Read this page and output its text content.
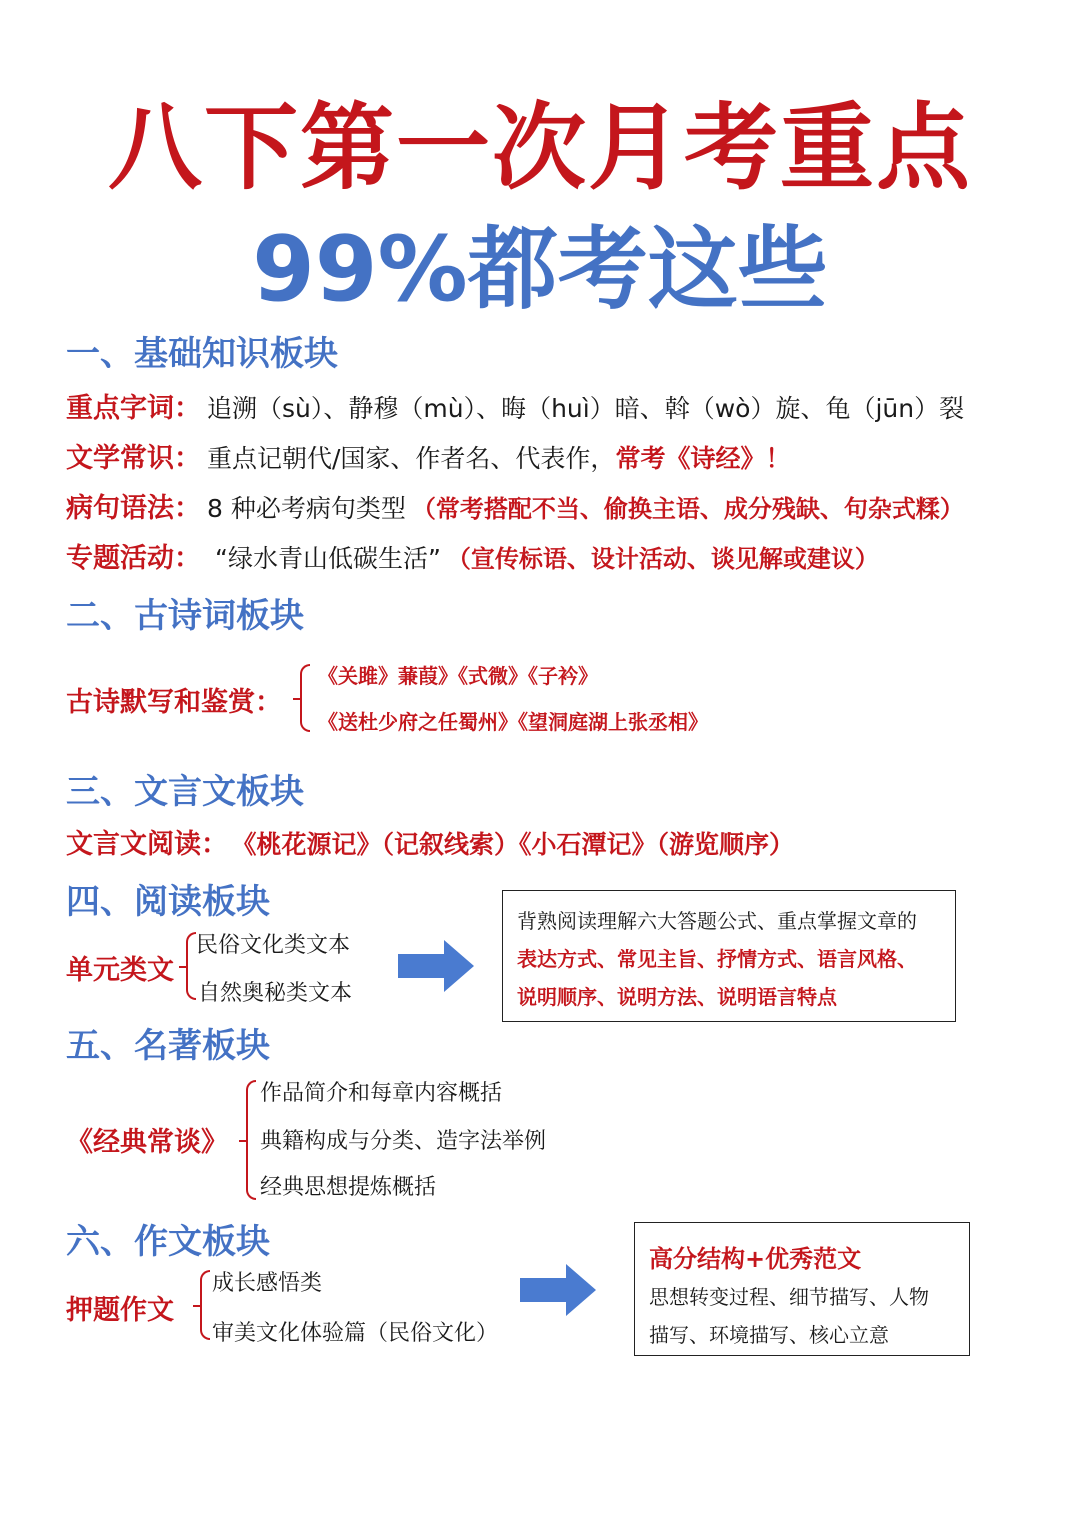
八下第一次月考重点
99%都考这些
一、基础知识板块
重点字词： 追溯（sù）、静穆（mù）、晦（huì）暗、斡（wò）旋、龟（jūn）裂
文学常识： 重点记朝代/国家、作者名、代表作，常考《诗经》！
病句语法： 8 种必考病句类型 （常考搭配不当、偷换主语、成分残缺、句杂式糅）
专题活动： “绿水青山低碳生活” （宣传标语、设计活动、谈见解或建议）
二、古诗词板块
古诗默写和鉴赏：
《关雎》蒹葭》《式微》《子衿》
《送杜少府之任蜀州》《望洞庭湖上张丞相》
三、文言文板块
文言文阅读： 《桃花源记》（记叙线索）《小石潭记》（游览顺序）
四、阅读板块
单元类文
民俗文化类文本
自然奥秘类文本
背熟阅读理解六大答题公式、重点掌握文章的
表达方式、常见主旨、抒情方式、语言风格、
说明顺序、说明方法、说明语言特点
五、名著板块
《经典常谈》
作品简介和每章内容概括
典籍构成与分类、造字法举例
经典思想提炼概括
六、作文板块
押题作文
成长感悟类
审美文化体验篇（民俗文化）
高分结构+优秀范文
思想转变过程、细节描写、人物
描写、环境描写、核心立意
